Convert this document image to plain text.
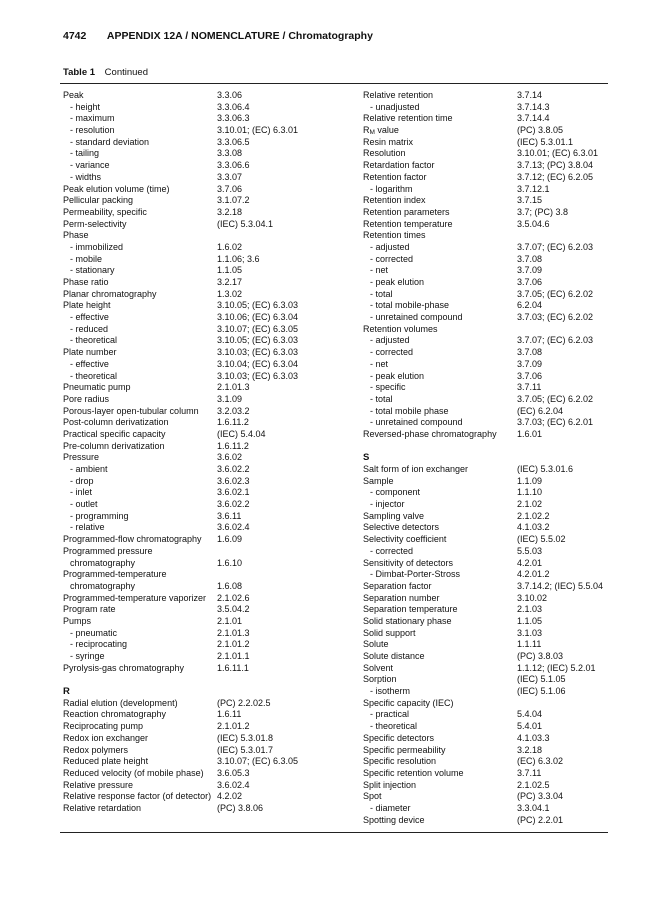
4742 APPENDIX 12A / NOMENCLATURE / Chromatography
Table 1 Continued
Peak	3.3.06
- height	3.3.06.4
- maximum	3.3.06.3
- resolution	3.10.01; (EC) 6.3.01
- standard deviation	3.3.06.5
- tailing	3.3.08
- variance	3.3.06.6
- widths	3.3.07
Peak elution volume (time)	3.7.06
Pellicular packing	3.1.07.2
Permeability, specific	3.2.18
Perm-selectivity	(IEC) 5.3.04.1
Phase
- immobilized	1.6.02
- mobile	1.1.06; 3.6
- stationary	1.1.05
Phase ratio	3.2.17
Planar chromatography	1.3.02
Plate height	3.10.05; (EC) 6.3.03
- effective	3.10.06; (EC) 6.3.04
- reduced	3.10.07; (EC) 6.3.05
- theoretical	3.10.05; (EC) 6.3.03
Plate number	3.10.03; (EC) 6.3.03
- effective	3.10.04; (EC) 6.3.04
- theoretical	3.10.03; (EC) 6.3.03
Pneumatic pump	2.1.01.3
Pore radius	3.1.09
Porous-layer open-tubular column 3.2.03.2
Post-column derivatization	1.6.11.2
Practical specific capacity	(IEC) 5.4.04
Pre-column derivatization	1.6.11.2
Pressure	3.6.02
- ambient	3.6.02.2
- drop	3.6.02.3
- inlet	3.6.02.1
- outlet	3.6.02.2
- programming	3.6.11
- relative	3.6.02.4
Programmed-flow chromatography 1.6.09
Programmed pressure
chromatography	1.6.10
Programmed-temperature
chromatography	1.6.08
Programmed-temperature vaporizer 2.1.02.6
Program rate	3.5.04.2
Pumps	2.1.01
- pneumatic	2.1.01.3
- reciprocating	2.1.01.2
- syringe	2.1.01.1
Pyrolysis-gas chromatography	1.6.11.1
R
Radial elution (development)	(PC) 2.2.02.5
Reaction chromatography	1.6.11
Reciprocating pump	2.1.01.2
Redox ion exchanger	(IEC) 5.3.01.8
Redox polymers	(IEC) 5.3.01.7
Reduced plate height	3.10.07; (EC) 6.3.05
Reduced velocity (of mobile phase) 3.6.05.3
Relative pressure	3.6.02.4
Relative response factor (of detector) 4.2.02
Relative retardation	(PC) 3.8.06
Relative retention	3.7.14
- unadjusted	3.7.14.3
Relative retention time	3.7.14.4
RM value	(PC) 3.8.05
Resin matrix	(IEC) 5.3.01.1
Resolution	3.10.01; (EC) 6.3.01
Retardation factor	3.7.13; (PC) 3.8.04
Retention factor	3.7.12; (EC) 6.2.05
- logarithm	3.7.12.1
Retention index	3.7.15
Retention parameters	3.7; (PC) 3.8
Retention temperature	3.5.04.6
Retention times
- adjusted	3.7.07; (EC) 6.2.03
- corrected	3.7.08
- net	3.7.09
- peak elution	3.7.06
- total	3.7.05; (EC) 6.2.02
- total mobile-phase	6.2.04
- unretained compound	3.7.03; (EC) 6.2.02
Retention volumes
- adjusted	3.7.07; (EC) 6.2.03
- corrected	3.7.08
- net	3.7.09
- peak elution	3.7.06
- specific	3.7.11
- total	3.7.05; (EC) 6.2.02
- total mobile phase	(EC) 6.2.04
- unretained compound	3.7.03; (EC) 6.2.01
Reversed-phase chromatography 1.6.01
S
Salt form of ion exchanger	(IEC) 5.3.01.6
Sample	1.1.09
- component	1.1.10
- injector	2.1.02
Sampling valve	2.1.02.2
Selective detectors	4.1.03.2
Selectivity coefficient	(IEC) 5.5.02
- corrected	5.5.03
Sensitivity of detectors	4.2.01
- Dimbat-Porter-Stross	4.2.01.2
Separation factor	3.7.14.2; (IEC) 5.5.04
Separation number	3.10.02
Separation temperature	2.1.03
Solid stationary phase	1.1.05
Solid support	3.1.03
Solute	1.1.11
Solute distance	(PC) 3.8.03
Solvent	1.1.12; (IEC) 5.2.01
Sorption	(IEC) 5.1.05
- isotherm	(IEC) 5.1.06
Specific capacity (IEC)
- practical	5.4.04
- theoretical	5.4.01
Specific detectors	4.1.03.3
Specific permeability	3.2.18
Specific resolution	(EC) 6.3.02
Specific retention volume	3.7.11
Split injection	2.1.02.5
Spot	(PC) 3.3.04
- diameter	3.3.04.1
Spotting device	(PC) 2.2.01
